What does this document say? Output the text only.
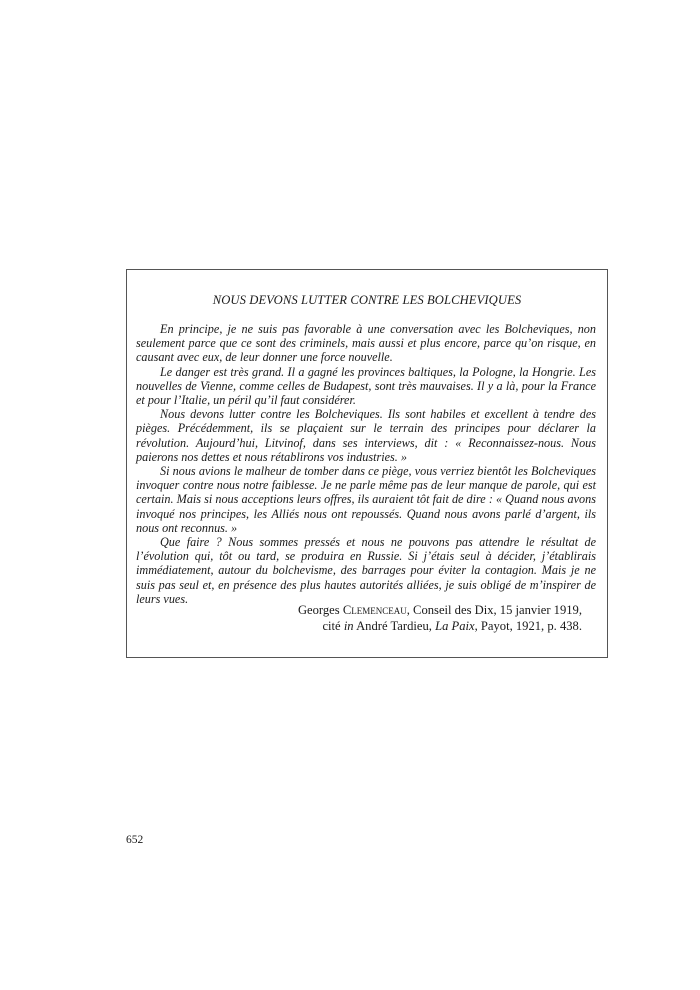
NOUS DEVONS LUTTER CONTRE LES BOLCHEVIQUES

En principe, je ne suis pas favorable à une conversation avec les Bolcheviques, non seulement parce que ce sont des criminels, mais aussi et plus encore, parce qu’on risque, en causant avec eux, de leur donner une force nouvelle.

Le danger est très grand. Il a gagné les provinces baltiques, la Pologne, la Hongrie. Les nouvelles de Vienne, comme celles de Budapest, sont très mauvaises. Il y a là, pour la France et pour l’Italie, un péril qu’il faut considérer.

Nous devons lutter contre les Bolcheviques. Ils sont habiles et excellent à tendre des pièges. Précédemment, ils se plaçaient sur le terrain des principes pour déclarer la révolution. Aujourd’hui, Litvinof, dans ses interviews, dit : « Reconnaissez-nous. Nous paierons nos dettes et nous rétablirons vos industries. »

Si nous avions le malheur de tomber dans ce piège, vous verriez bientôt les Bolcheviques invoquer contre nous notre faiblesse. Je ne parle même pas de leur manque de parole, qui est certain. Mais si nous acceptions leurs offres, ils auraient tôt fait de dire : « Quand nous avons invoqué nos principes, les Alliés nous ont repoussés. Quand nous avons parlé d’argent, ils nous ont reconnus. »

Que faire ? Nous sommes pressés et nous ne pouvons pas attendre le résultat de l’évolution qui, tôt ou tard, se produira en Russie. Si j’étais seul à décider, j’établirais immédiatement, autour du bolchevisme, des barrages pour éviter la contagion. Mais je ne suis pas seul et, en présence des plus hautes autorités alliées, je suis obligé de m’inspirer de leurs vues.

Georges Clemenceau, Conseil des Dix, 15 janvier 1919,
cité in André Tardieu, La Paix, Payot, 1921, p. 438.
652
